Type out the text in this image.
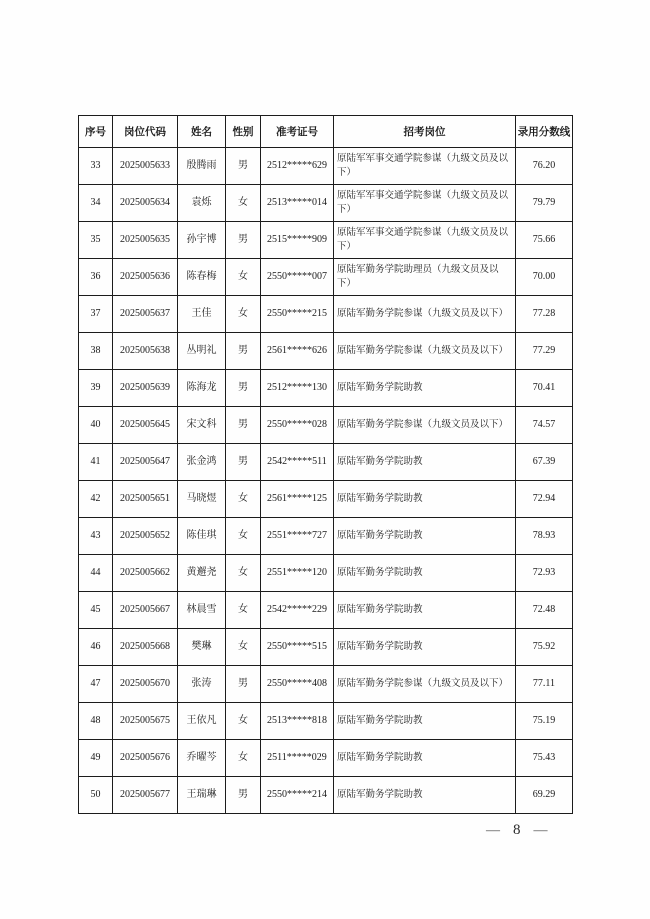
序号	岗位代码	姓名	性别	准考证号	招考岗位	录用分数线
33	2025005633	殷腾雨	男	2512*****629	原陆军军事交通学院参谋（九级文员及以下）	76.20
34	2025005634	袁烁	女	2513*****014	原陆军军事交通学院参谋（九级文员及以下）	79.79
35	2025005635	孙宇博	男	2515*****909	原陆军军事交通学院参谋（九级文员及以下）	75.66
36	2025005636	陈春梅	女	2550*****007	原陆军勤务学院助理员（九级文员及以下）	70.00
37	2025005637	王佳	女	2550*****215	原陆军勤务学院参谋（九级文员及以下）	77.28
38	2025005638	丛明礼	男	2561*****626	原陆军勤务学院参谋（九级文员及以下）	77.29
39	2025005639	陈海龙	男	2512*****130	原陆军勤务学院助教	70.41
40	2025005645	宋文科	男	2550*****028	原陆军勤务学院参谋（九级文员及以下）	74.57
41	2025005647	张金鸿	男	2542*****511	原陆军勤务学院助教	67.39
42	2025005651	马晓煜	女	2561*****125	原陆军勤务学院助教	72.94
43	2025005652	陈佳琪	女	2551*****727	原陆军勤务学院助教	78.93
44	2025005662	黄邂尧	女	2551*****120	原陆军勤务学院助教	72.93
45	2025005667	林晨雪	女	2542*****229	原陆军勤务学院助教	72.48
46	2025005668	樊琳	女	2550*****515	原陆军勤务学院助教	75.92
47	2025005670	张涛	男	2550*****408	原陆军勤务学院参谋（九级文员及以下）	77.11
48	2025005675	王依凡	女	2513*****818	原陆军勤务学院助教	75.19
49	2025005676	乔曜芩	女	2511*****029	原陆军勤务学院助教	75.43
50	2025005677	王瑞琳	男	2550*****214	原陆军勤务学院助教	69.29
— 8 —
